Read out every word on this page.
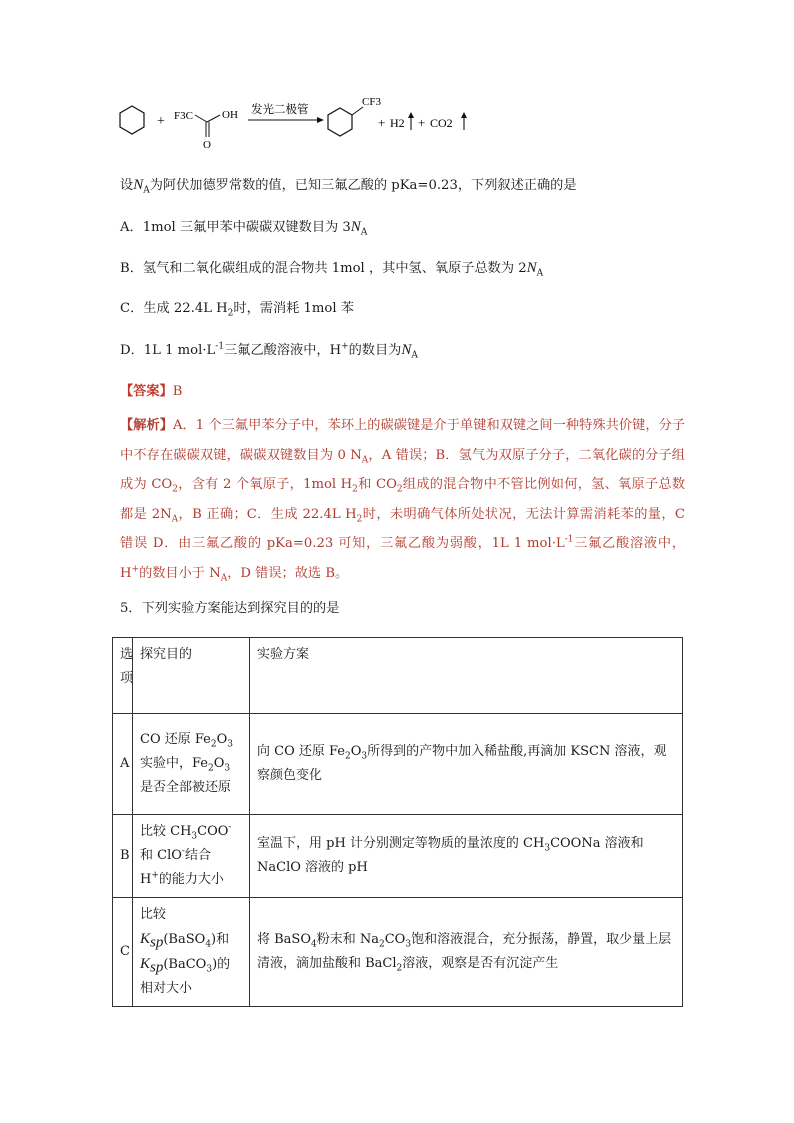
+ F3C	OH
O
发光二极管	CF3
+ H2 + CO2
设$N_A$为阿伏加德罗常数的值，已知三氟乙酸的 pKa=0.23，下列叙述正确的是
A．1mol 三氟甲苯中碳碳双键数目为 $3N_A$
B．氢气和二氧化碳组成的混合物共 1mol ，其中氢、氧原子总数为 $2N_A$
C．生成 22.4L $H_2$时，需消耗 1mol 苯
D．1L 1 $mol\cdot L^{-1}$三氟乙酸溶液中，H+的数目为$N_A$
【答案】B
【解析】A．1 个三氟甲苯分子中，苯环上的碳碳键是介于单键和双键之间一种特殊共价键，分子中不存在碳碳双键，碳碳双键数目为 0 $N_A$，A 错误；B．氢气为双原子分子，二氧化碳的分子组成为 $CO_2$，含有 2 个氧原子，1mol $H_2$和 $CO_2$组成的混合物中不管比例如何，氢、氧原子总数都是 $2N_A$，B 正确；C．生成 22.4L $H_2$时，未明确气体所处状况，无法计算需消耗苯的量，C 错误 D．由三氟乙酸的 pKa=0.23 可知，三氟乙酸为弱酸，1L 1 $mol\cdot L^{-1}$三氟乙酸溶液中，H+的数目小于 $N_A$，D 错误；故选 B。
5．下列实验方案能达到探究目的的是
选项	探究目的	实验方案
A	CO 还原 $Fe_2O_3$实验中，$Fe_2O_3$是否全部被还原	向 CO 还原 $Fe_2O_3$所得到的产物中加入稀盐酸,再滴加 KSCN 溶液，观察颜色变化
B	比较 $CH_3COO^-$和 ClO-结合 H+的能力大小	室温下，用 pH 计分别测定等物质的量浓度的 $CH_3COONa$ 溶液和 NaClO 溶液的 pH
C	比较$K_{sp}(BaSO_4)$和 $K_{sp}(BaCO_3)$的相对大小	将 BaSO$_4$粉末和 $Na_2CO_3$饱和溶液混合，充分振荡，静置，取少量上层清液，滴加盐酸和 BaCl$_2$溶液，观察是否有沉淀产生
